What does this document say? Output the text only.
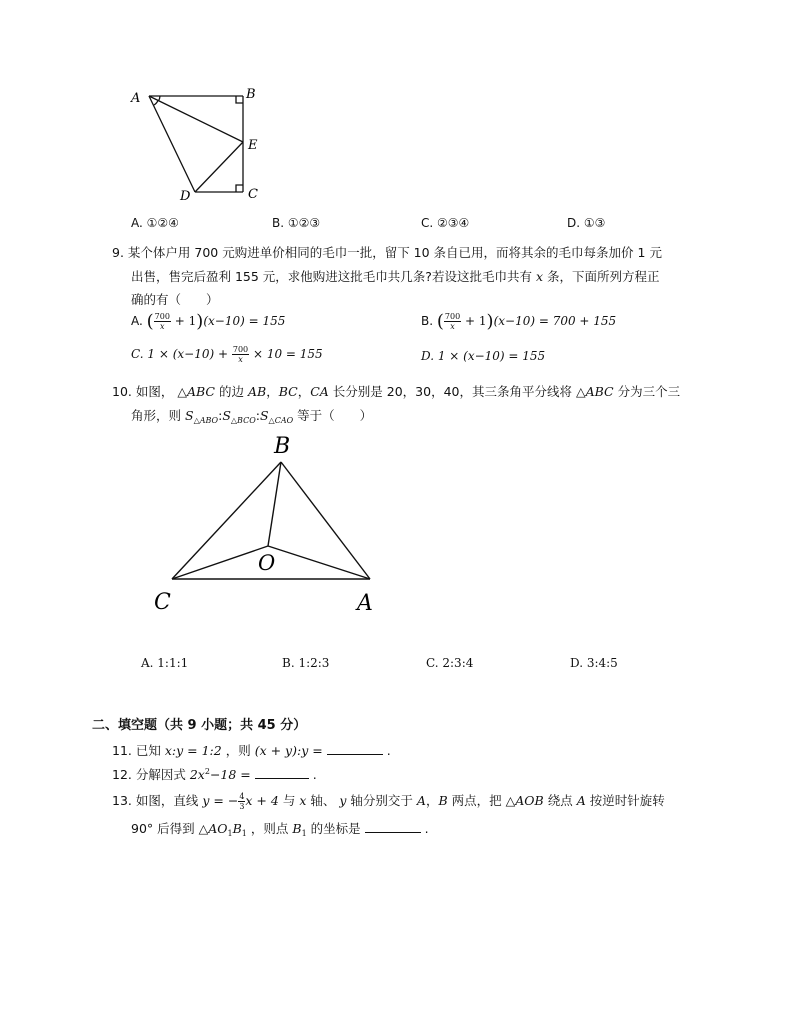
A	B
E
D	C
A. ①②④	B. ①②③	C. ②③④	D. ①③
9. 某个体户用 700 元购进单价相同的毛巾一批，留下 10 条自已用，而将其余的毛巾每条加价 1 元
出售，售完后盈利 155 元，求他购进这批毛巾共几条?若设这批毛巾共有 x 条，下面所列方程正
确的有（　　）
A. ( $\frac{700}{x} + 1)(x-10) = 155$	B. ( $\frac{700}{x} + 1)(x-10) = 700 + 155$
C. $1 \times (x-10) + \frac{700}{x} \times 10 = 155$	D. 1 × (x−10) = 155
10. 如图， △ABC 的边 AB，BC，CA 长分别是 20，30，40，其三条角平分线将 △ABC 分为三个三
角形，则 $S_{\triangle ABO}:S_{\triangle BCO}:S_{\triangle CAO}$ 等于（　　）
B
O
C	A
A. 1:1:1	B. 1:2:3	C. 2:3:4	D. 3:4:5
二、填空题（共 9 小题；共 45 分）
11. 已知 x:y = 1:2 ，则 (x + y):y =	.
12. 分解因式 $2x^2-18$ =	.
13. 如图，直线 y = − $\frac{4}{3}$ x + 4 与 x 轴、 y 轴分别交于 A，B 两点，把 △AOB 绕点 A 按逆时针旋转
90° 后得到 $\triangle AO_1B_1$ ，则点 $B_1$ 的坐标是	.
